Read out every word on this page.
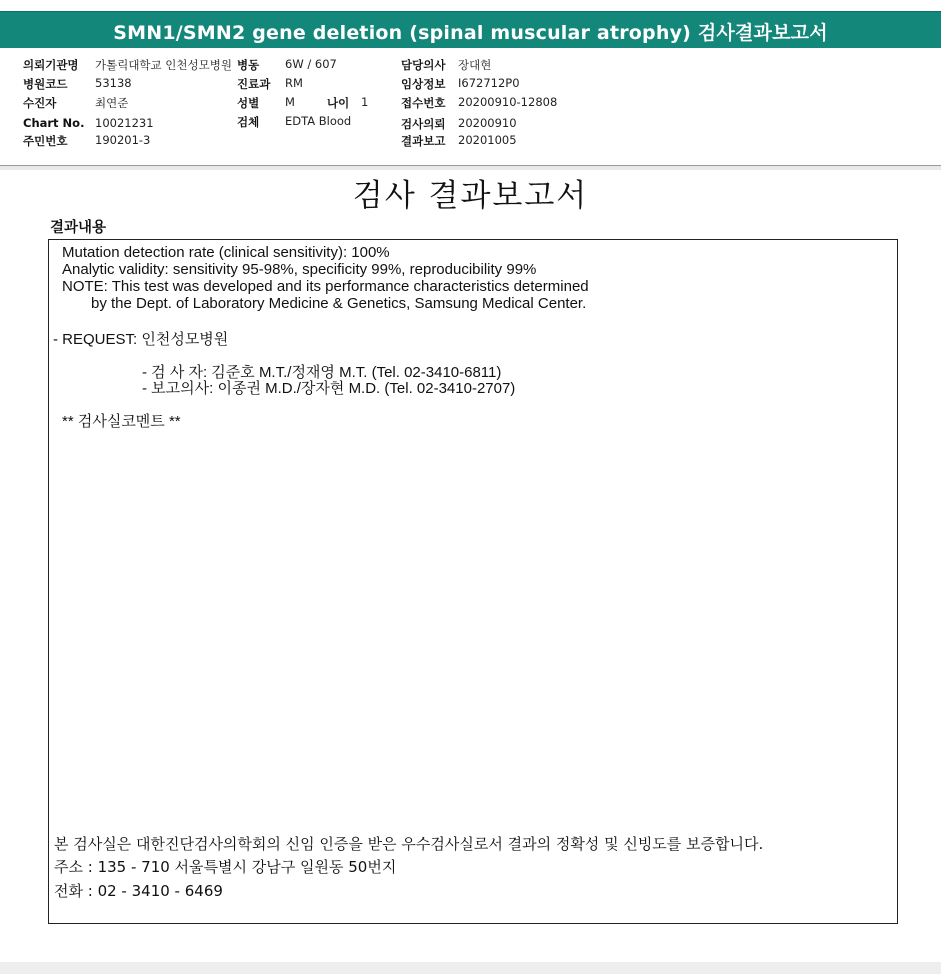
SMN1/SMN2 gene deletion (spinal muscular atrophy) 검사결과보고서
의뢰기관명 가톨릭대학교 인천성모병원
병원코드 53138
수진자	최연준
Chart No. 10021231
주민번호 190201-3
병동 6W / 607
진료과 RM
성별 M	나이 1
검체 EDTA Blood
담당의사 장대현
임상정보 I672712P0
접수번호 20200910-12808
검사의뢰 20200910
결과보고 20201005
검사 결과보고서
결과내용
Mutation detection rate (clinical sensitivity): 100%
Analytic validity: sensitivity 95-98%, specificity 99%, reproducibility 99%
NOTE: This test was developed and its performance characteristics determined
by the Dept. of Laboratory Medicine & Genetics, Samsung Medical Center.
- REQUEST: 인천성모병원
- 검 사 자: 김준호 M.T./정재영 M.T. (Tel. 02-3410-6811)
- 보고의사: 이종권 M.D./장자현 M.D. (Tel. 02-3410-2707)
** 검사실코멘트 **
본 검사실은 대한진단검사의학회의 신임 인증을 받은 우수검사실로서 결과의 정확성 및 신빙도를 보증합니다.
주소 : 135 - 710 서울특별시 강남구 일원동 50번지
전화 : 02 - 3410 - 6469
